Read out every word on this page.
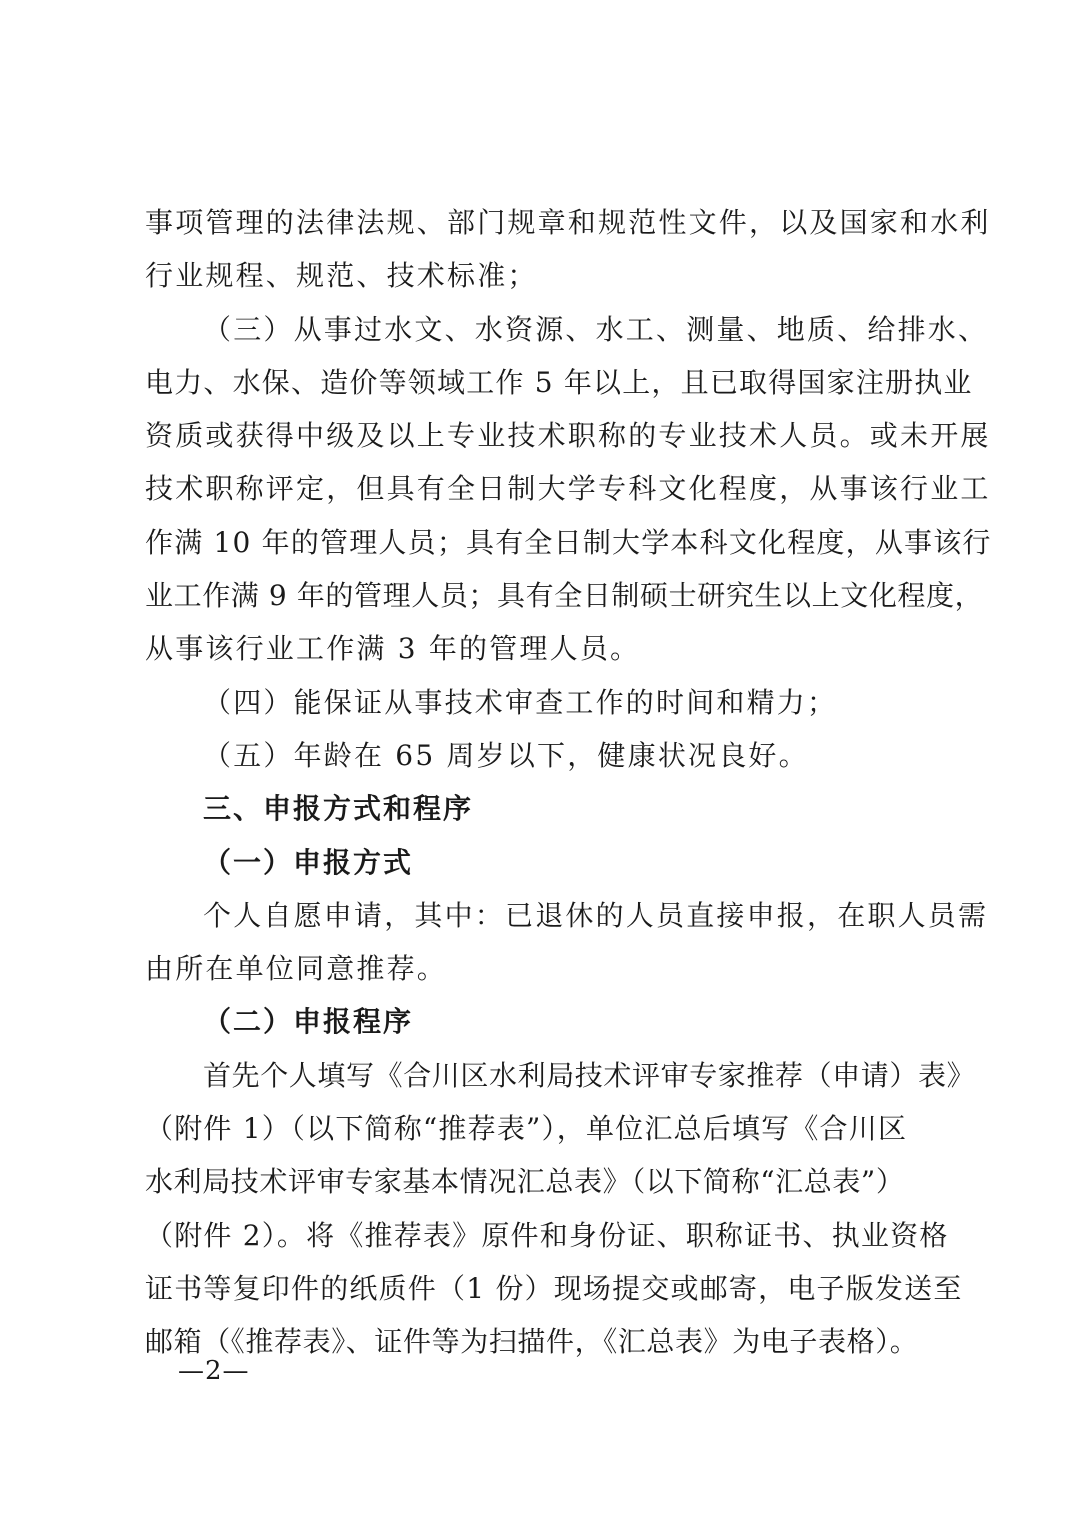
事项管理的法律法规、部门规章和规范性文件，以及国家和水利
行业规程、规范、技术标准；
（三）从事过水文、水资源、水工、测量、地质、给排水、
电力、水保、造价等领域工作 5 年以上，且已取得国家注册执业
资质或获得中级及以上专业技术职称的专业技术人员。或未开展
技术职称评定，但具有全日制大学专科文化程度，从事该行业工
作满 10 年的管理人员；具有全日制大学本科文化程度，从事该行
业工作满 9 年的管理人员；具有全日制硕士研究生以上文化程度，
从事该行业工作满 3 年的管理人员。
（四）能保证从事技术审查工作的时间和精力；
（五）年龄在 65 周岁以下，健康状况良好。
三、申报方式和程序
（一）申报方式
个人自愿申请，其中：已退休的人员直接申报，在职人员需
由所在单位同意推荐。
（二）申报程序
首先个人填写《合川区水利局技术评审专家推荐（申请）表》
（附件 1）（以下简称“推荐表”），单位汇总后填写《合川区
水利局技术评审专家基本情况汇总表》（以下简称“汇总表”）
（附件 2）。将《推荐表》原件和身份证、职称证书、执业资格
证书等复印件的纸质件（1 份）现场提交或邮寄，电子版发送至
邮箱（《推荐表》、证件等为扫描件，《汇总表》为电子表格）。
—2—
